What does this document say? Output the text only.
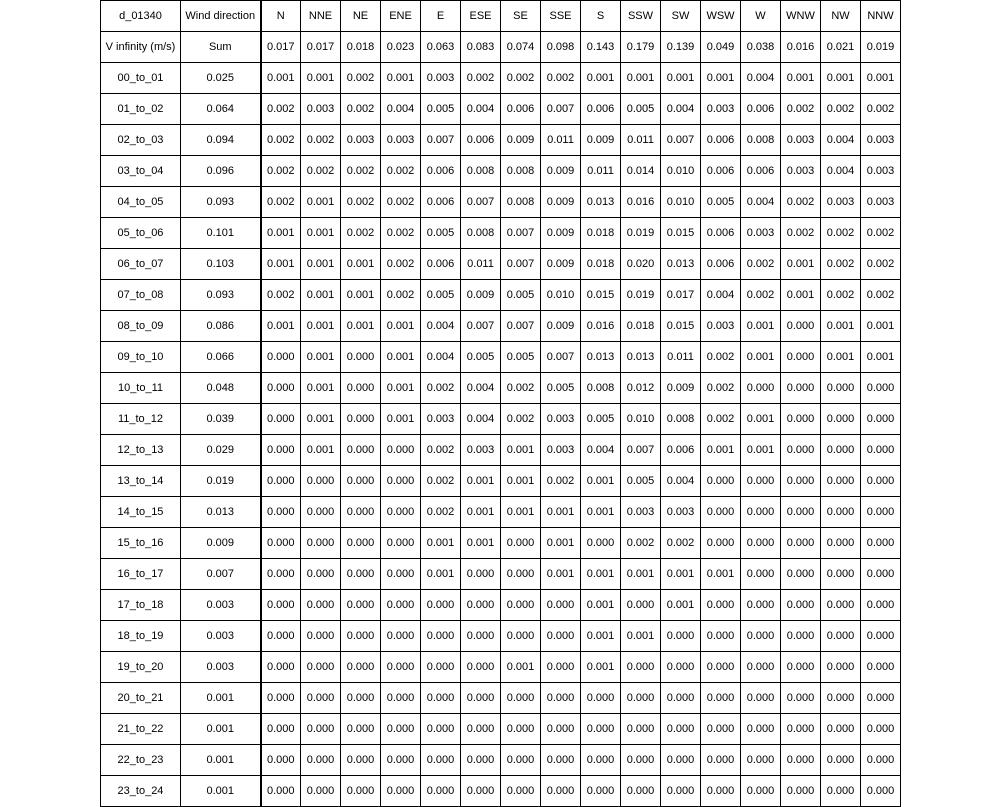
d_01340	Wind direction	N	NNE	NE	ENE	E	ESE	SE	SSE	S	SSW	SW	WSW	W	WNW	NW	NNW
V infinity (m/s)	Sum	0.017	0.017	0.018	0.023	0.063	0.083	0.074	0.098	0.143	0.179	0.139	0.049	0.038	0.016	0.021	0.019
00_to_01	0.025	0.001	0.001	0.002	0.001	0.003	0.002	0.002	0.002	0.001	0.001	0.001	0.001	0.004	0.001	0.001	0.001
01_to_02	0.064	0.002	0.003	0.002	0.004	0.005	0.004	0.006	0.007	0.006	0.005	0.004	0.003	0.006	0.002	0.002	0.002
02_to_03	0.094	0.002	0.002	0.003	0.003	0.007	0.006	0.009	0.011	0.009	0.011	0.007	0.006	0.008	0.003	0.004	0.003
03_to_04	0.096	0.002	0.002	0.002	0.002	0.006	0.008	0.008	0.009	0.011	0.014	0.010	0.006	0.006	0.003	0.004	0.003
04_to_05	0.093	0.002	0.001	0.002	0.002	0.006	0.007	0.008	0.009	0.013	0.016	0.010	0.005	0.004	0.002	0.003	0.003
05_to_06	0.101	0.001	0.001	0.002	0.002	0.005	0.008	0.007	0.009	0.018	0.019	0.015	0.006	0.003	0.002	0.002	0.002
06_to_07	0.103	0.001	0.001	0.001	0.002	0.006	0.011	0.007	0.009	0.018	0.020	0.013	0.006	0.002	0.001	0.002	0.002
07_to_08	0.093	0.002	0.001	0.001	0.002	0.005	0.009	0.005	0.010	0.015	0.019	0.017	0.004	0.002	0.001	0.002	0.002
08_to_09	0.086	0.001	0.001	0.001	0.001	0.004	0.007	0.007	0.009	0.016	0.018	0.015	0.003	0.001	0.000	0.001	0.001
09_to_10	0.066	0.000	0.001	0.000	0.001	0.004	0.005	0.005	0.007	0.013	0.013	0.011	0.002	0.001	0.000	0.001	0.001
10_to_11	0.048	0.000	0.001	0.000	0.001	0.002	0.004	0.002	0.005	0.008	0.012	0.009	0.002	0.000	0.000	0.000	0.000
11_to_12	0.039	0.000	0.001	0.000	0.001	0.003	0.004	0.002	0.003	0.005	0.010	0.008	0.002	0.001	0.000	0.000	0.000
12_to_13	0.029	0.000	0.001	0.000	0.000	0.002	0.003	0.001	0.003	0.004	0.007	0.006	0.001	0.001	0.000	0.000	0.000
13_to_14	0.019	0.000	0.000	0.000	0.000	0.002	0.001	0.001	0.002	0.001	0.005	0.004	0.000	0.000	0.000	0.000	0.000
14_to_15	0.013	0.000	0.000	0.000	0.000	0.002	0.001	0.001	0.001	0.001	0.003	0.003	0.000	0.000	0.000	0.000	0.000
15_to_16	0.009	0.000	0.000	0.000	0.000	0.001	0.001	0.000	0.001	0.000	0.002	0.002	0.000	0.000	0.000	0.000	0.000
16_to_17	0.007	0.000	0.000	0.000	0.000	0.001	0.000	0.000	0.001	0.001	0.001	0.001	0.001	0.000	0.000	0.000	0.000
17_to_18	0.003	0.000	0.000	0.000	0.000	0.000	0.000	0.000	0.000	0.001	0.000	0.001	0.000	0.000	0.000	0.000	0.000
18_to_19	0.003	0.000	0.000	0.000	0.000	0.000	0.000	0.000	0.000	0.001	0.001	0.000	0.000	0.000	0.000	0.000	0.000
19_to_20	0.003	0.000	0.000	0.000	0.000	0.000	0.000	0.001	0.000	0.001	0.000	0.000	0.000	0.000	0.000	0.000	0.000
20_to_21	0.001	0.000	0.000	0.000	0.000	0.000	0.000	0.000	0.000	0.000	0.000	0.000	0.000	0.000	0.000	0.000	0.000
21_to_22	0.001	0.000	0.000	0.000	0.000	0.000	0.000	0.000	0.000	0.000	0.000	0.000	0.000	0.000	0.000	0.000	0.000
22_to_23	0.001	0.000	0.000	0.000	0.000	0.000	0.000	0.000	0.000	0.000	0.000	0.000	0.000	0.000	0.000	0.000	0.000
23_to_24	0.001	0.000	0.000	0.000	0.000	0.000	0.000	0.000	0.000	0.000	0.000	0.000	0.000	0.000	0.000	0.000	0.000
